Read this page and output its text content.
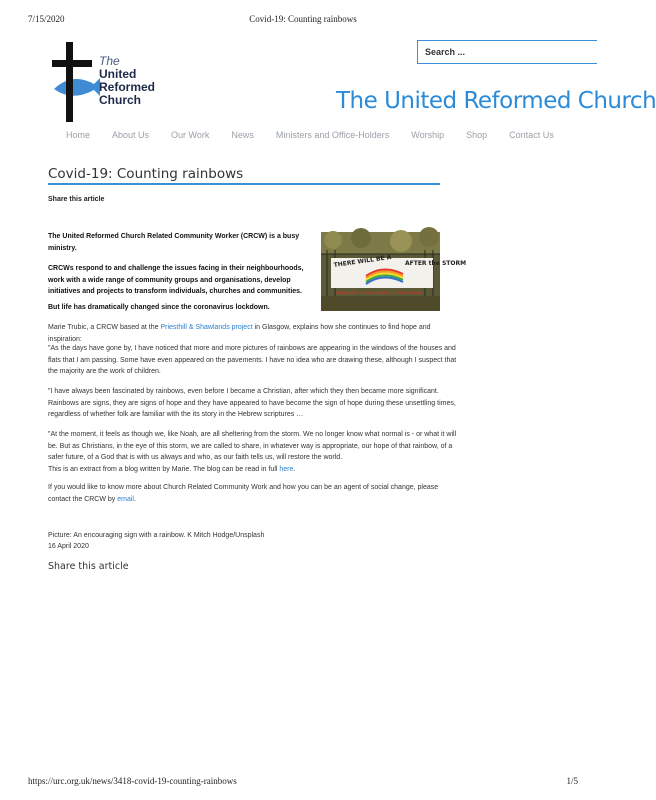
7/15/2020	Covid-19: Counting rainbows
Search ...
The
United
Reformed
Church	The United Reformed Church
Home About Us Our Work News Ministers and Office-Holders Worship Shop Contact Us
Covid-19: Counting rainbows
Share this article
The United Reformed Church Related Community Worker (CRCW) is a busy ministry.
CRCWs respond to and challenge the issues facing in their neighbourhoods, work with a wide range of community groups and organisations, develop initiatives and projects to transform individuals, churches and communities.
But life has dramatically changed since the coronavirus lockdown.
THERE WILL BE A AFTER the STORM
HOLD SAFE + WASH HANDS + STAY AT HOME
Marie Trubic, a CRCW based at the Priesthill & Shawlands project in Glasgow, explains how she continues to find hope and inspiration:
"As the days have gone by, I have noticed that more and more pictures of rainbows are appearing in the windows of the houses and flats that I am passing. Some have even appeared on the pavements. I have no idea who are drawing these, although I suspect that the majority are the work of children.
"I have always been fascinated by rainbows, even before I became a Christian, after which they then became more significant. Rainbows are signs, they are signs of hope and they have appeared to have become the sign of hope during these unsettling times, regardless of whether folk are familiar with the its story in the Hebrew scriptures …
"At the moment, it feels as though we, like Noah, are all sheltering from the storm. We no longer know what normal is - or what it will be. But as Christians, in the eye of this storm, we are called to share, in whatever way is appropriate, our hope of that rainbow, of a safer future, of a God that is with us always and who, as our faith tells us, will restore the world.
This is an extract from a blog written by Marie. The blog can be read in full here.
If you would like to know more about Church Related Community Work and how you can be an agent of social change, please contact the CRCW by email.
Picture: An encouraging sign with a rainbow. K Mitch Hodge/Unsplash
16 April 2020
Share this article
https://urc.org.uk/news/3418-covid-19-counting-rainbows	1/5
